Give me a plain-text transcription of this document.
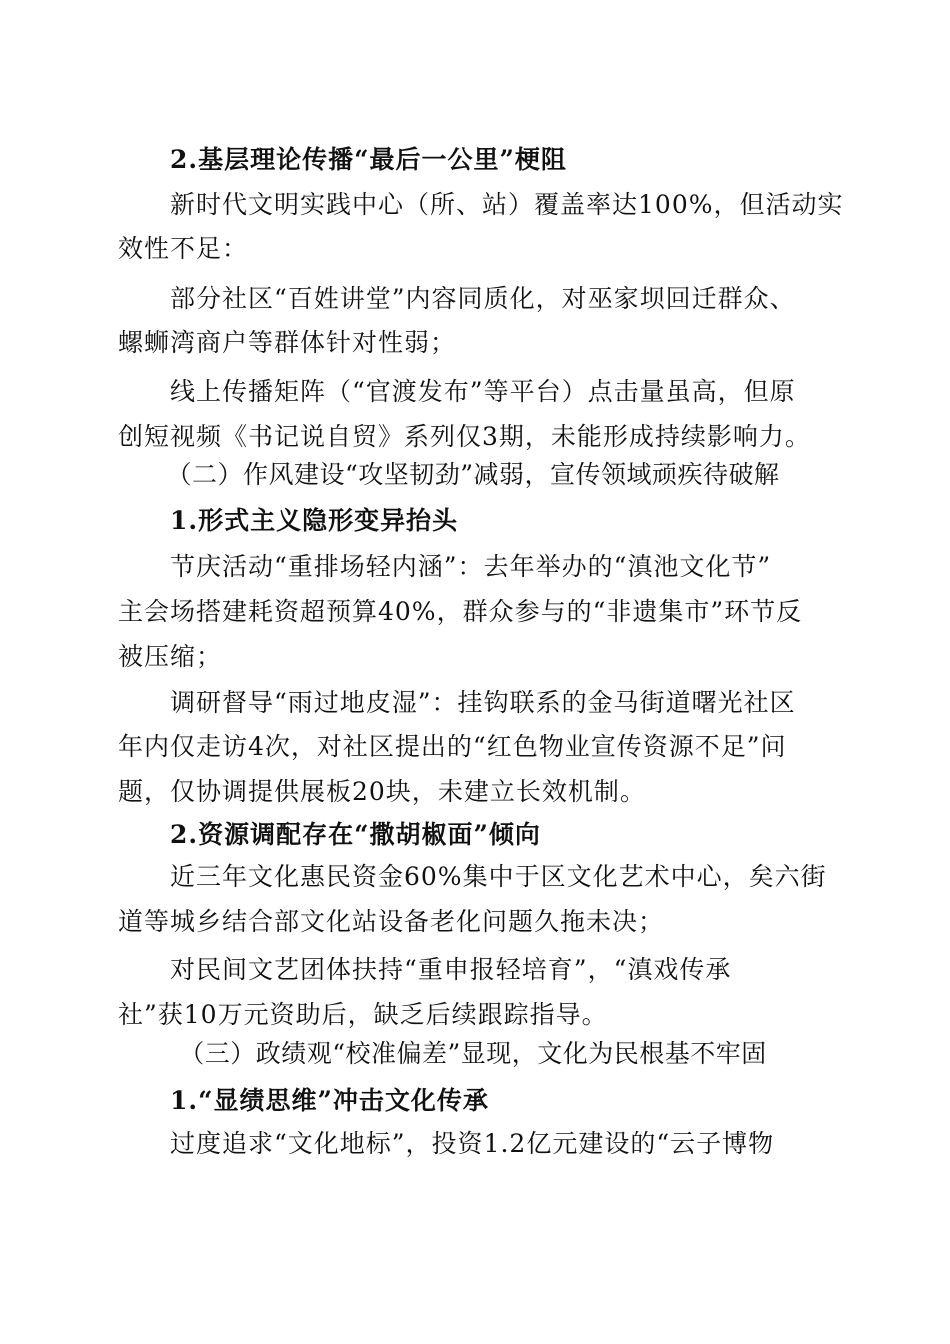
2.基层理论传播“最后一公里”梗阻
新时代文明实践中心（所、站）覆盖率达100%，但活动实
效性不足：
部分社区“百姓讲堂”内容同质化，对巫家坝回迁群众、
螺蛳湾商户等群体针对性弱；
线上传播矩阵（“官渡发布”等平台）点击量虽高，但原
创短视频《书记说自贸》系列仅3期，未能形成持续影响力。
（二）作风建设“攻坚韧劲”减弱，宣传领域顽疾待破解
1.形式主义隐形变异抬头
节庆活动“重排场轻内涵”：去年举办的“滇池文化节”
主会场搭建耗资超预算40%，群众参与的“非遗集市”环节反
被压缩；
调研督导“雨过地皮湿”：挂钩联系的金马街道曙光社区
年内仅走访4次，对社区提出的“红色物业宣传资源不足”问
题，仅协调提供展板20块，未建立长效机制。
2.资源调配存在“撒胡椒面”倾向
近三年文化惠民资金60%集中于区文化艺术中心，矣六街
道等城乡结合部文化站设备老化问题久拖未决；
对民间文艺团体扶持“重申报轻培育”，“滇戏传承
社”获10万元资助后，缺乏后续跟踪指导。
（三）政绩观“校准偏差”显现，文化为民根基不牢固
1.“显绩思维”冲击文化传承
过度追求“文化地标”，投资1.2亿元建设的“云子博物
